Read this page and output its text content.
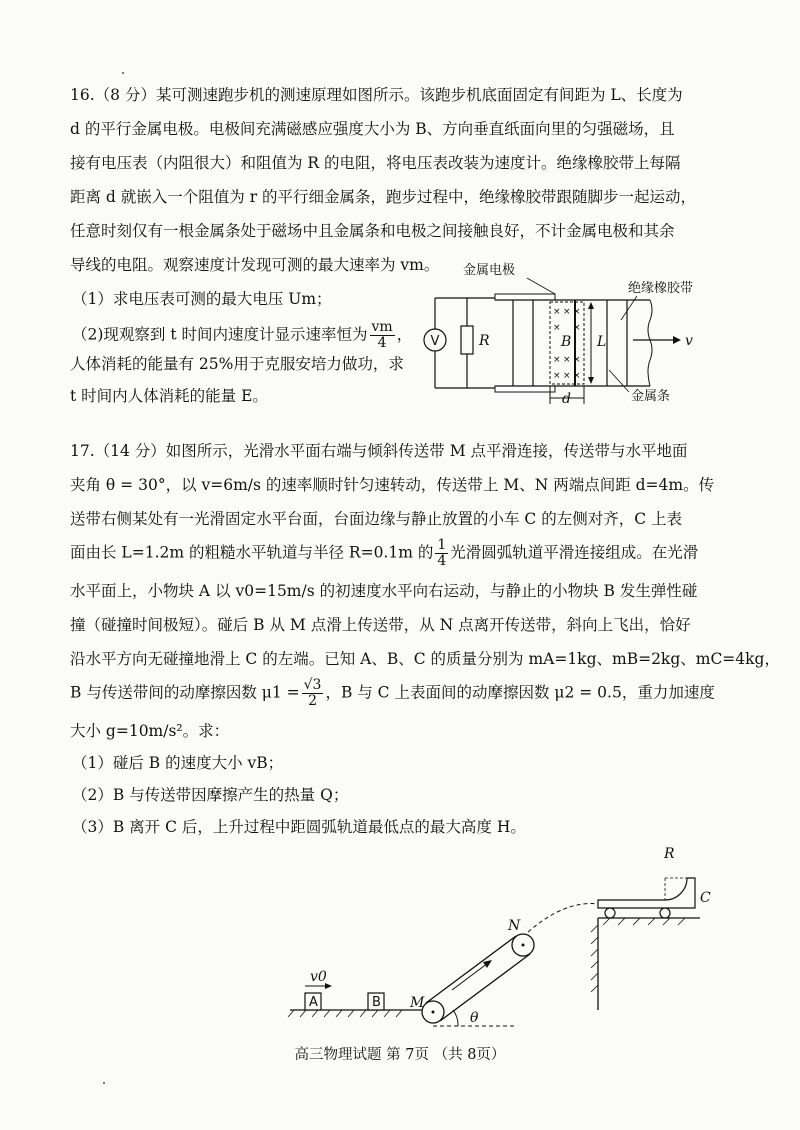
16.（8 分）某可测速跑步机的测速原理如图所示。该跑步机底面固定有间距为 L、长度为
d 的平行金属电极。电极间充满磁感应强度大小为 B、方向垂直纸面向里的匀强磁场，且
接有电压表（内阻很大）和阻值为 R 的电阻，将电压表改装为速度计。绝缘橡胶带上每隔
距离 d 就嵌入一个阻值为 r 的平行细金属条，跑步过程中，绝缘橡胶带跟随脚步一起运动，
任意时刻仅有一根金属条处于磁场中且金属条和电极之间接触良好，不计金属电极和其余
导线的电阻。观察速度计发现可测的最大速率为 vm。
（1）求电压表可测的最大电压 Um；
（2)现观察到 t 时间内速度计显示速率恒为 $\frac{vm}{4}$ ，
人体消耗的能量有 25%用于克服安培力做功，求
t 时间内人体消耗的能量 E。
V	R
× × ×
× ×
× × ×
× × ×
B L
d
v
金属电极
绝缘橡胶带
金属条
17.（14 分）如图所示，光滑水平面右端与倾斜传送带 M 点平滑连接，传送带与水平地面
夹角 θ = 30°，以 v=6m/s 的速率顺时针匀速转动，传送带上 M、N 两端点间距 d=4m。传
送带右侧某处有一光滑固定水平台面，台面边缘与静止放置的小车 C 的左侧对齐，C 上表
面由长 L=1.2m 的粗糙水平轨道与半径 R=0.1m 的 $\frac{1}{4}$ 光滑圆弧轨道平滑连接组成。在光滑
水平面上，小物块 A 以 v0=15m/s 的初速度水平向右运动，与静止的小物块 B 发生弹性碰
撞（碰撞时间极短）。碰后 B 从 M 点滑上传送带，从 N 点离开传送带，斜向上飞出，恰好
沿水平方向无碰撞地滑上 C 的左端。已知 A、B、C 的质量分别为 mA=1kg、mB=2kg、mC=4kg，
B 与传送带间的动摩擦因数 $\mu 1 = \frac{√3}{2}$ ，B 与 C 上表面间的动摩擦因数 μ2 = 0.5，重力加速度
大小 g=10m/s²。求：
（1）碰后 B 的速度大小 vB；
（2）B 与传送带因摩擦产生的热量 Q；
（3）B 离开 C 后，上升过程中距圆弧轨道最低点的最大高度 H。
A
v0
B M
N
θ
R
C
高三物理试题 第 7页 （共 8页）
